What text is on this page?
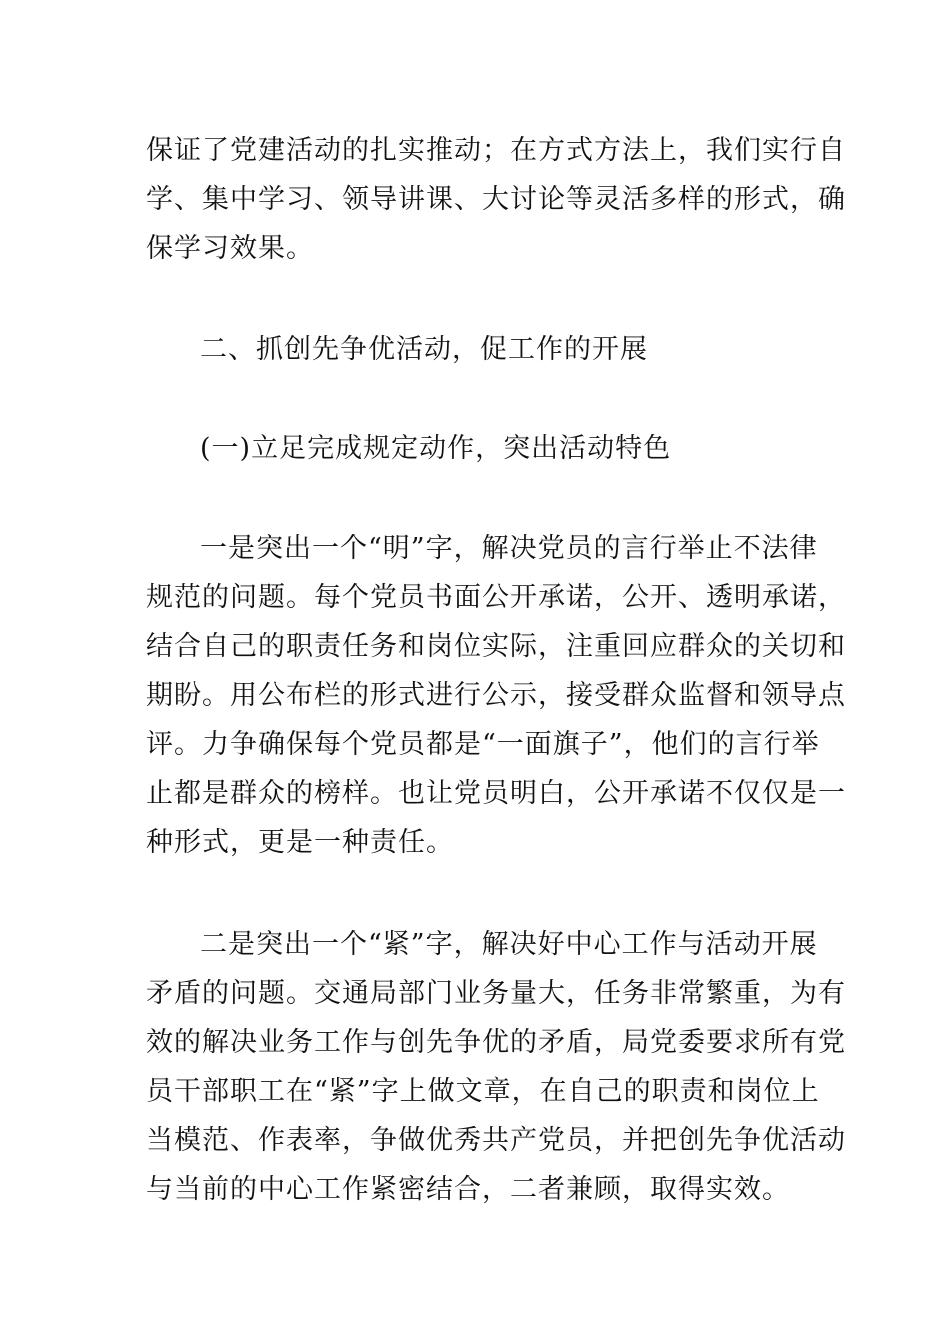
保证了党建活动的扎实推动；在方式方法上，我们实行自
学、集中学习、领导讲课、大讨论等灵活多样的形式，确
保学习效果。
二、抓创先争优活动，促工作的开展
(一)立足完成规定动作，突出活动特色
一是突出一个“明”字，解决党员的言行举止不法律
规范的问题。每个党员书面公开承诺，公开、透明承诺，
结合自己的职责任务和岗位实际，注重回应群众的关切和
期盼。用公布栏的形式进行公示，接受群众监督和领导点
评。力争确保每个党员都是“一面旗子”，他们的言行举
止都是群众的榜样。也让党员明白，公开承诺不仅仅是一
种形式，更是一种责任。
二是突出一个“紧”字，解决好中心工作与活动开展
矛盾的问题。交通局部门业务量大，任务非常繁重，为有
效的解决业务工作与创先争优的矛盾，局党委要求所有党
员干部职工在“紧”字上做文章，在自己的职责和岗位上
当模范、作表率，争做优秀共产党员，并把创先争优活动
与当前的中心工作紧密结合，二者兼顾，取得实效。
